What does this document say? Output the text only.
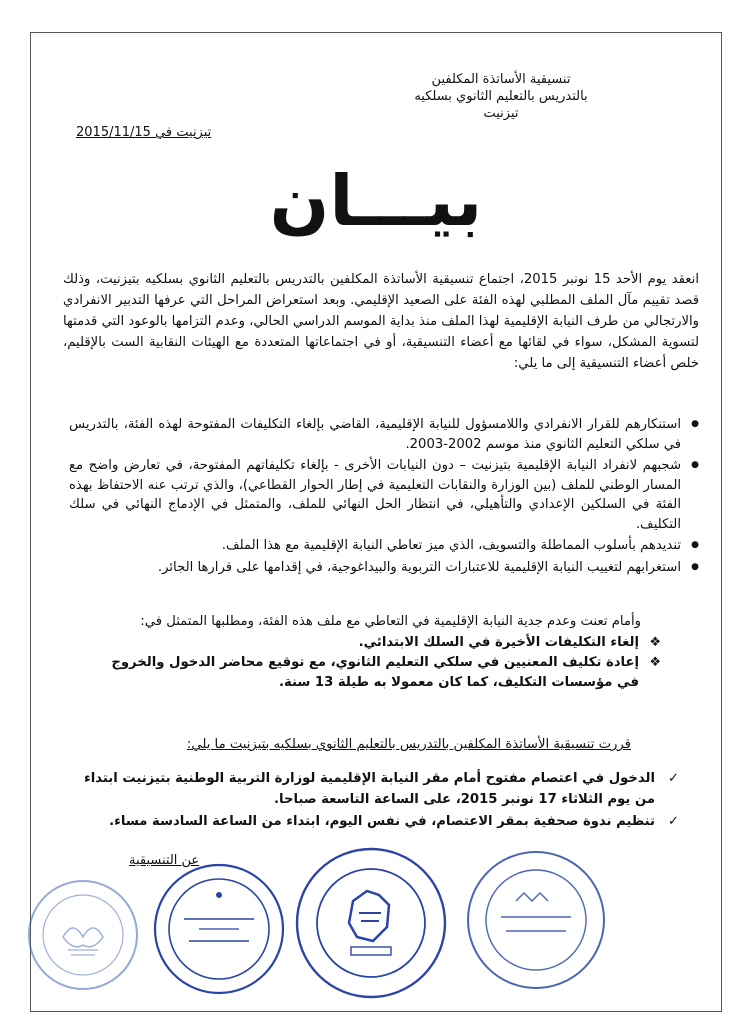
تنسيقية الأساتذة المكلفين
بالتدريس بالتعليم الثانوي بسلكيه
تيزنيت
تيزنيت في 2015/11/15
بيـــان
انعقد يوم الأحد 15 نونبر 2015، اجتماع تنسيقية الأساتذة المكلفين بالتدريس بالتعليم الثانوي بسلكيه بتيزنيت، وذلك قصد تقييم مآل الملف المطلبي لهذه الفئة على الصعيد الإقليمي. وبعد استعراض المراحل التي عرفها التدبير الانفرادي والارتجالي من طرف النيابة الإقليمية لهذا الملف منذ بداية الموسم الدراسي الحالي، وعدم التزامها بالوعود التي قدمتها لتسوية المشكل، سواء في لقائها مع أعضاء التنسيقية، أو في اجتماعاتها المتعددة مع الهيئات النقابية الست بالإقليم، خلص أعضاء التنسيقية إلى ما يلي:
● استنكارهم للقرار الانفرادي واللامسؤول للنيابة الإقليمية، القاضي بإلغاء التكليفات المفتوحة لهذه الفئة، بالتدريس في سلكي التعليم الثانوي منذ موسم 2002-2003.
● شجبهم لانفراد النيابة الإقليمية بتيزنيت – دون النيابات الأخرى - بإلغاء تكليفاتهم المفتوحة، في تعارض واضح مع المسار الوطني للملف (بين الوزارة والنقابات التعليمية في إطار الحوار القطاعي)، والذي ترتب عنه الاحتفاظ بهذه الفئة في السلكين الإعدادي والتأهيلي، في انتظار الحل النهائي للملف، والمتمثل في الإدماج النهائي في سلك التكليف.
● تنديدهم بأسلوب المماطلة والتسويف، الذي ميز تعاطي النيابة الإقليمية مع هذا الملف.
● استغرابهم لتغييب النيابة الإقليمية للاعتبارات التربوية والبيداغوجية، في إقدامها على قرارها الجائر.
وأمام تعنت وعدم جدية النيابة الإقليمية في التعاطي مع ملف هذه الفئة، ومطلبها المتمثل في:
❖ إلغاء التكليفات الأخيرة في السلك الابتدائي.
❖ إعادة تكليف المعنيين في سلكي التعليم الثانوي، مع توقيع محاضر الدخول والخروج في مؤسسات التكليف، كما كان معمولا به طيلة 13 سنة.
قررت تنسيقية الأساتذة المكلفين بالتدريس بالتعليم الثانوي بسلكيه بتيزنيت ما يلي:
✓ الدخول في اعتصام مفتوح أمام مقر النيابة الإقليمية لوزارة التربية الوطنية بتيزنيت ابتداء من يوم الثلاثاء 17 نونبر 2015، على الساعة التاسعة صباحا.
✓ تنظيم ندوة صحفية بمقر الاعتصام، في نفس اليوم، ابتداء من الساعة السادسة مساء.
عن التنسيقية
